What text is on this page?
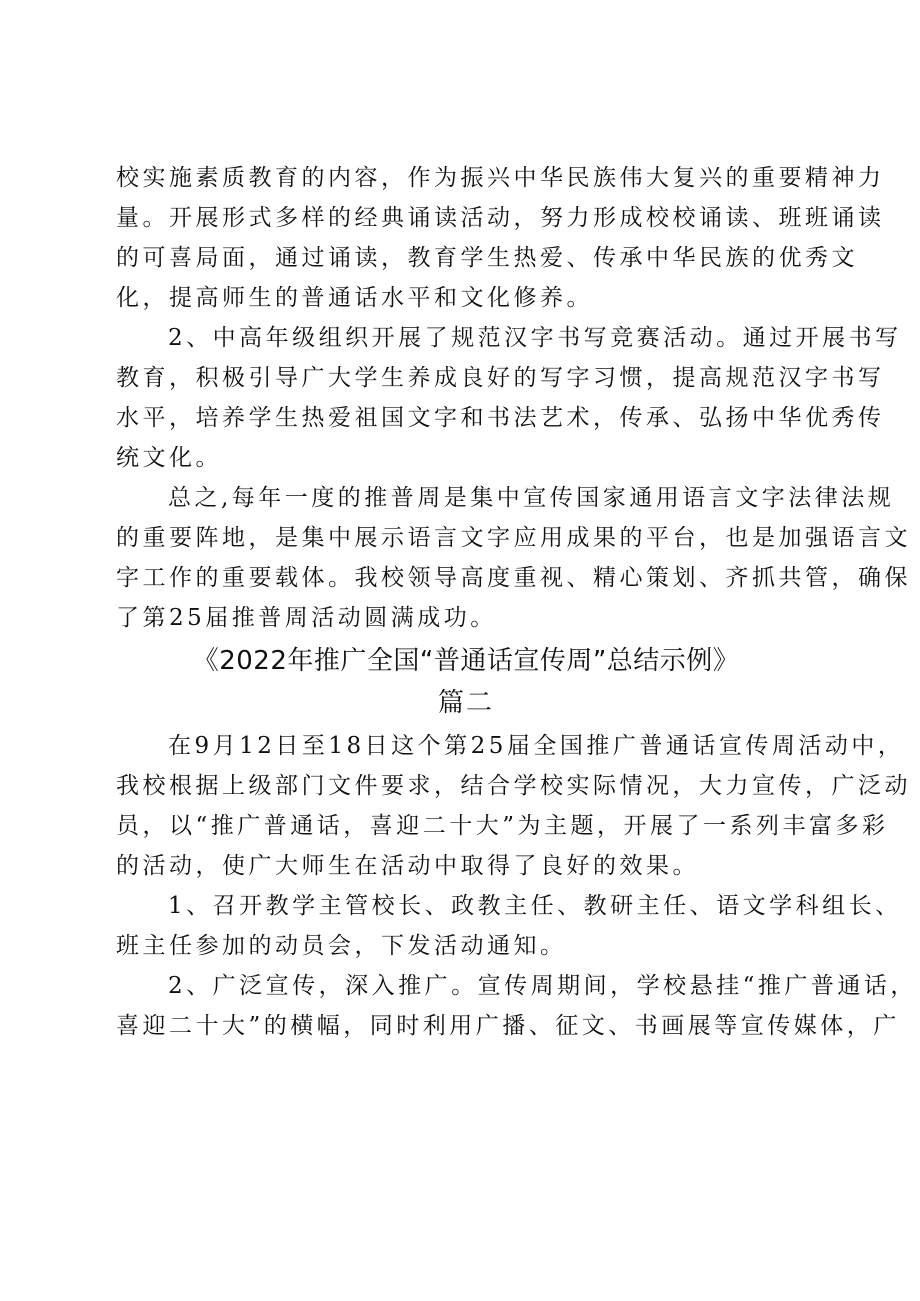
校实施素质教育的内容，作为振兴中华民族伟大复兴的重要精神力
量。开展形式多样的经典诵读活动，努力形成校校诵读、班班诵读
的可喜局面，通过诵读，教育学生热爱、传承中华民族的优秀文
化，提高师生的普通话水平和文化修养。

2、中高年级组织开展了规范汉字书写竞赛活动。通过开展书写
教育，积极引导广大学生养成良好的写字习惯，提高规范汉字书写
水平，培养学生热爱祖国文字和书法艺术，传承、弘扬中华优秀传
统文化。

总之,每年一度的推普周是集中宣传国家通用语言文字法律法规
的重要阵地，是集中展示语言文字应用成果的平台，也是加强语言文
字工作的重要载体。我校领导高度重视、精心策划、齐抓共管，确保
了第25届推普周活动圆满成功。

《2022年推广全国“普通话宣传周”总结示例》
篇二

在9月12日至18日这个第25届全国推广普通话宣传周活动中，
我校根据上级部门文件要求，结合学校实际情况，大力宣传，广泛动
员，以“推广普通话，喜迎二十大”为主题，开展了一系列丰富多彩
的活动，使广大师生在活动中取得了良好的效果。

1、召开教学主管校长、政教主任、教研主任、语文学科组长、
班主任参加的动员会，下发活动通知。

2、广泛宣传，深入推广。宣传周期间，学校悬挂“推广普通话，
喜迎二十大”的横幅，同时利用广播、征文、书画展等宣传媒体，广
